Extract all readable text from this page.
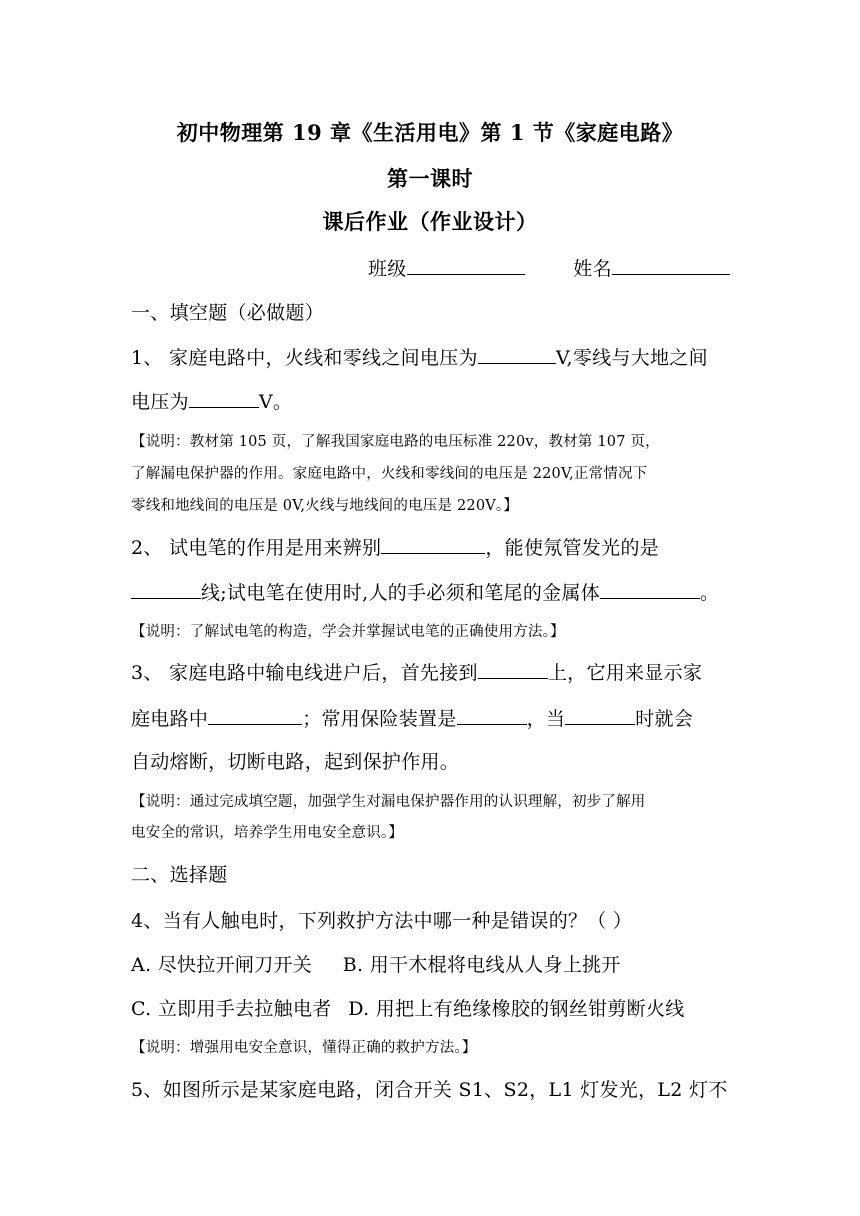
初中物理第 19 章《生活用电》第 1 节《家庭电路》
第一课时
课后作业（作业设计）
班级	姓名
一、填空题（必做题）
1、 家庭电路中，火线和零线之间电压为	V,零线与大地之间
电压为	V。
【说明：教材第 105 页，了解我国家庭电路的电压标准 220v，教材第 107 页，
了解漏电保护器的作用。家庭电路中，火线和零线间的电压是 220V,正常情况下
零线和地线间的电压是 0V,火线与地线间的电压是 220V。】
2、 试电笔的作用是用来辨别	，能使氖管发光的是
线;试电笔在使用时,人的手必须和笔尾的金属体	。
【说明：了解试电笔的构造，学会并掌握试电笔的正确使用方法。】
3、 家庭电路中输电线进户后，首先接到	上，它用来显示家
庭电路中	；常用保险装置是	，当	时就会
自动熔断，切断电路，起到保护作用。
【说明：通过完成填空题，加强学生对漏电保护器作用的认识理解，初步了解用
电安全的常识，培养学生用电安全意识。】
二、选择题
4、当有人触电时，下列救护方法中哪一种是错误的？（ ）
A. 尽快拉开闸刀开关 B. 用干木棍将电线从人身上挑开
C. 立即用手去拉触电者 D. 用把上有绝缘橡胶的钢丝钳剪断火线
【说明：增强用电安全意识，懂得正确的救护方法。】
5、如图所示是某家庭电路，闭合开关 S1、S2，L1 灯发光，L2 灯不
